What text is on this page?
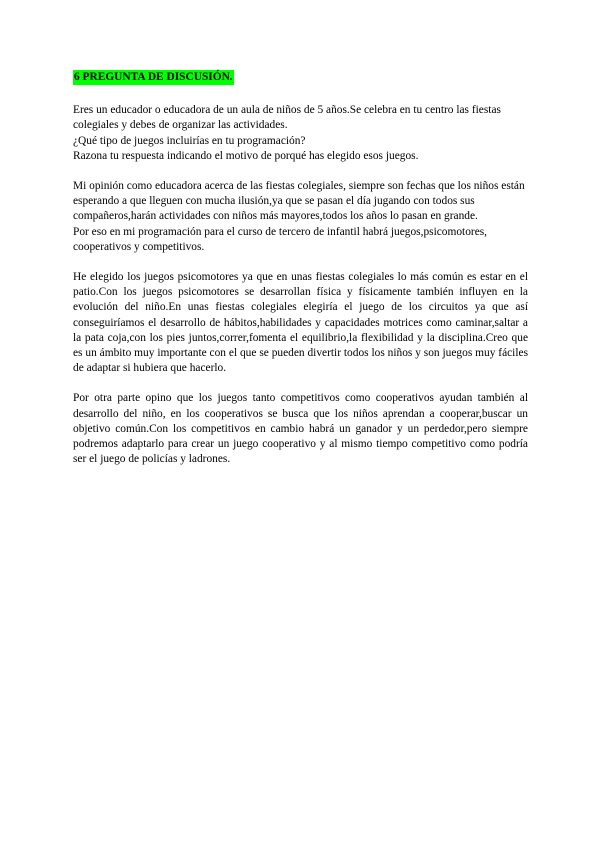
6 PREGUNTA DE DISCUSIÓN.
Eres un educador o educadora de un aula de niños de 5 años.Se celebra en tu centro las fiestas colegiales y debes de organizar las actividades.
¿Qué tipo de juegos incluirías en tu programación?
Razona tu respuesta indicando el motivo de porqué has elegido esos juegos.
Mi opinión como educadora acerca de las fiestas colegiales, siempre son fechas que los niños están esperando a que lleguen con mucha ilusión,ya que se pasan el día jugando con todos sus compañeros,harán actividades con niños más mayores,todos los años lo pasan en grande.
Por eso en mi programación para el curso de tercero de infantil habrá juegos,psicomotores, cooperativos y competitivos.
He elegido los juegos psicomotores ya que en unas fiestas colegiales lo más común es estar en el patio.Con los juegos psicomotores se desarrollan física y físicamente también influyen en la evolución del niño.En unas fiestas colegiales elegiría el juego de los circuitos ya que así conseguiríamos el desarrollo de hábitos,habilidades y capacidades motrices como caminar,saltar a la pata coja,con los pies juntos,correr,fomenta el equilibrio,la flexibilidad y la disciplina.Creo que es un ámbito muy importante con el que se pueden divertir todos los niños y son juegos muy fáciles de adaptar si hubiera que hacerlo.
Por otra parte opino que los juegos tanto competitivos como cooperativos ayudan también al desarrollo del niño, en los cooperativos se busca que los niños aprendan a cooperar,buscar un objetivo común.Con los competitivos en cambio habrá un ganador y un perdedor,pero siempre podremos adaptarlo para crear un juego cooperativo y al mismo tiempo competitivo como podría ser el juego de policías y ladrones.
